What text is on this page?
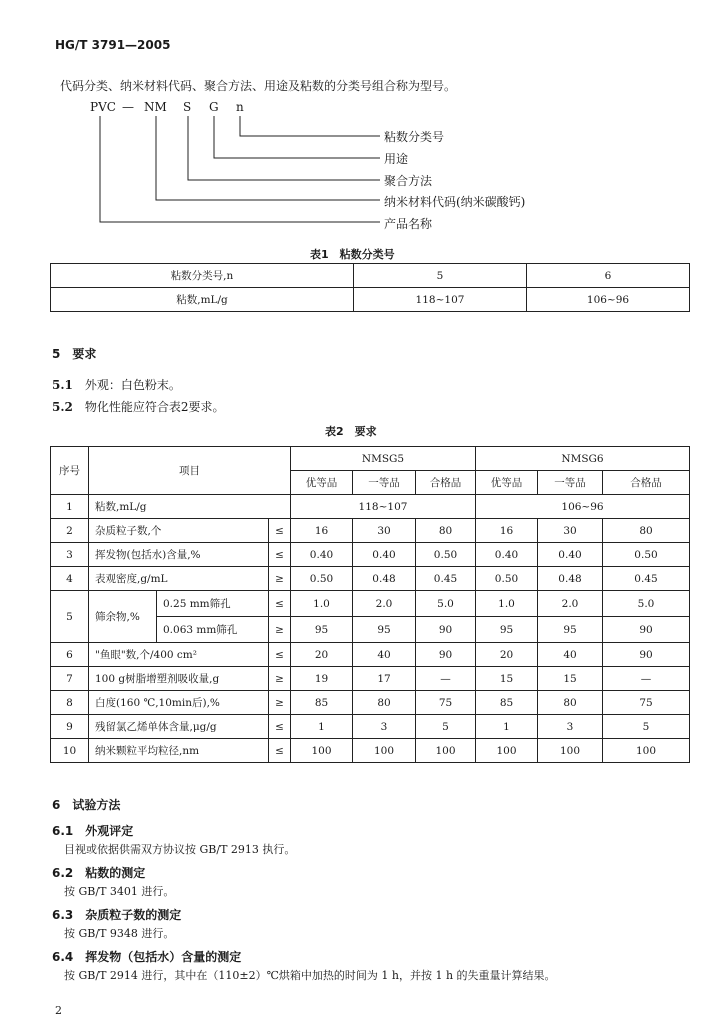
HG/T 3791—2005
代码分类、纳米材料代码、聚合方法、用途及粘数的分类号组合称为型号。
PVC — NM S G n
粘数分类号
用途
聚合方法
纳米材料代码(纳米碳酸钙)
产品名称
表1　粘数分类号
粘数分类号,n	5	6
粘数,mL/g	118~107	106~96
5　要求
5.1　 外观：白色粉末。
5.2　 物化性能应符合表2要求。
表2　要求
序号	项目			NMSG5			NMSG6		
				优等品	一等品	合格品	优等品	一等品	合格品
1	粘数,mL/g			118~107			106~96		
2	杂质粒子数,个		≤	16	30	80	16	30	80
3	挥发物(包括水)含量,%		≤	0.40	0.40	0.50	0.40	0.40	0.50
4	表观密度,g/mL		≥	0.50	0.48	0.45	0.50	0.48	0.45
5	筛余物,%	0.25 mm筛孔	≤	1.0	2.0	5.0	1.0	2.0	5.0
		0.063 mm筛孔	≥	95	95	90	95	95	90
6	"鱼眼"数,个/400 cm²		≤	20	40	90	20	40	90
7	100 g树脂增塑剂吸收量,g		≥	19	17	—	15	15	—
8	白度(160 ℃,10min后),%		≥	85	80	75	85	80	75
9	残留氯乙烯单体含量,μg/g		≤	1	3	5	1	3	5
10	纳米颗粒平均粒径,nm		≤	100	100	100	100	100	100
6　试验方法
6.1　 外观评定
目视或依据供需双方协议按 GB/T 2913 执行。
6.2　 粘数的测定
按 GB/T 3401 进行。
6.3　 杂质粒子数的测定
按 GB/T 9348 进行。
6.4　 挥发物（包括水）含量的测定
按 GB/T 2914 进行，其中在（110±2）℃烘箱中加热的时间为 1 h，并按 1 h 的失重量计算结果。
2
